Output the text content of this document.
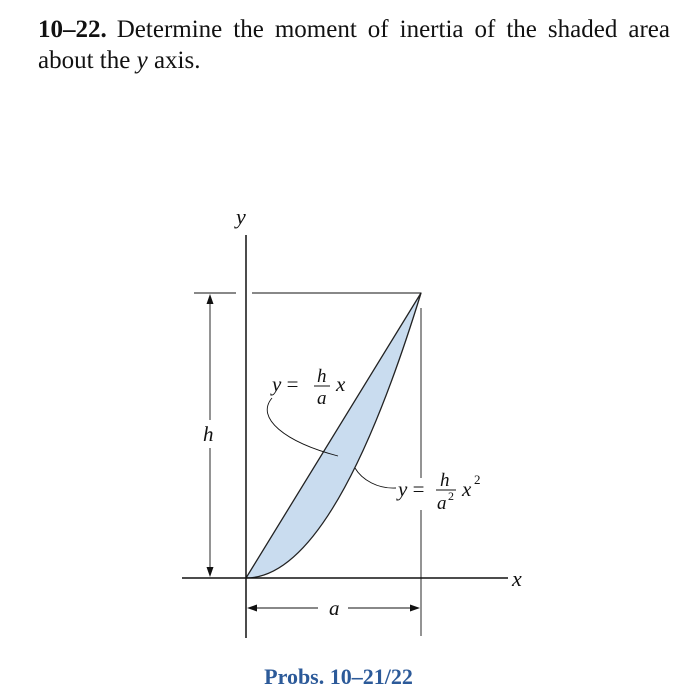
10–22. Determine the moment of inertia of the shaded area about the y axis.
y
x
h
a
y = h
a
x
y = h
a 2 x 2
Probs. 10–21/22
